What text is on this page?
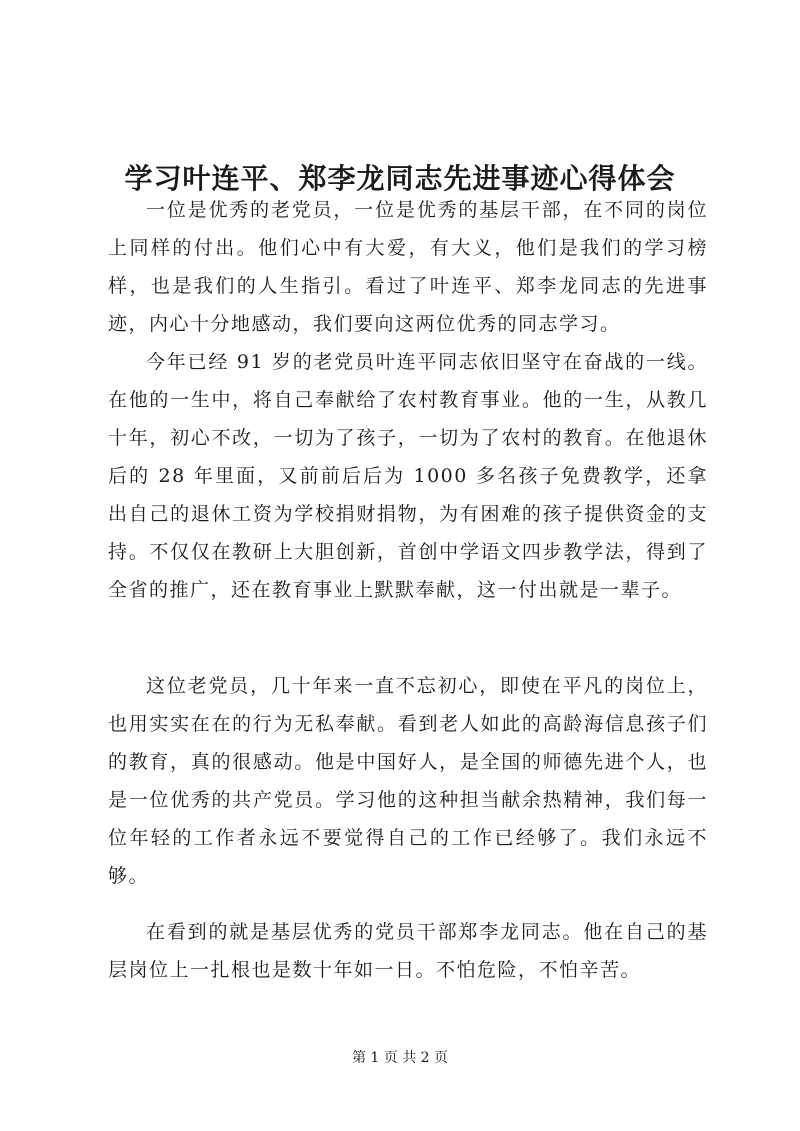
学习叶连平、郑李龙同志先进事迹心得体会

一位是优秀的老党员，一位是优秀的基层干部，在不同的岗位上同样的付出。他们心中有大爱，有大义，他们是我们的学习榜样，也是我们的人生指引。看过了叶连平、郑李龙同志的先进事迹，内心十分地感动，我们要向这两位优秀的同志学习。

今年已经 91 岁的老党员叶连平同志依旧坚守在奋战的一线。在他的一生中，将自己奉献给了农村教育事业。他的一生，从教几十年，初心不改，一切为了孩子，一切为了农村的教育。在他退休后的 28 年里面，又前前后后为 1000 多名孩子免费教学，还拿出自己的退休工资为学校捐财捐物，为有困难的孩子提供资金的支持。不仅仅在教研上大胆创新，首创中学语文四步教学法，得到了全省的推广，还在教育事业上默默奉献，这一付出就是一辈子。

这位老党员，几十年来一直不忘初心，即使在平凡的岗位上，也用实实在在的行为无私奉献。看到老人如此的高龄海信息孩子们的教育，真的很感动。他是中国好人，是全国的师德先进个人，也是一位优秀的共产党员。学习他的这种担当献余热精神，我们每一位年轻的工作者永远不要觉得自己的工作已经够了。我们永远不够。

在看到的就是基层优秀的党员干部郑李龙同志。他在自己的基层岗位上一扎根也是数十年如一日。不怕危险，不怕辛苦。

第 1 页 共 2 页
